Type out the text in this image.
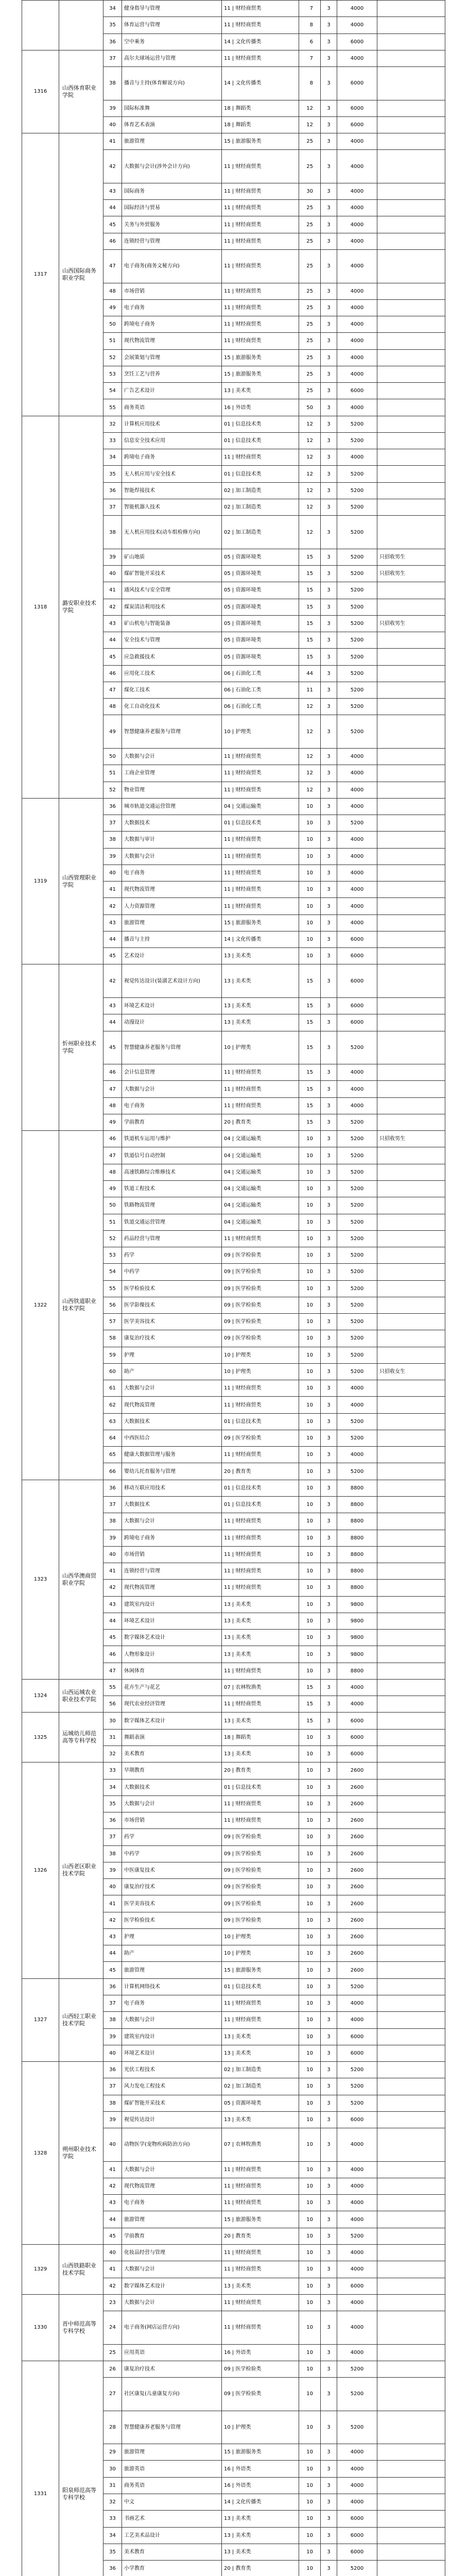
		34	健身指导与管理	11 | 财经商贸类	7	3	4000	
		35	体育运营与管理	11 | 财经商贸类	8	3	4000	
		36	空中乘务	14 | 文化传播类	6	3	6000	
1316	山西体育职业学院	37	高尔夫球场运营与管理	11 | 财经商贸类	7	3	4000	
		38	播音与主持(体育解说方向)	14 | 文化传播类	8	3	6000	
		39	国际标准舞	18 | 舞蹈类	12	3	6000	
		40	体育艺术表演	18 | 舞蹈类	12	3	6000	
1317	山西国际商务职业学院	41	旅游管理	15 | 旅游服务类	25	3	4000	
		42	大数据与会计(涉外会计方向)	11 | 财经商贸类	25	3	4000	
		43	国际商务	11 | 财经商贸类	30	3	4000	
		44	国际经济与贸易	11 | 财经商贸类	25	3	4000	
		45	关务与外贸服务	11 | 财经商贸类	25	3	4000	
		46	连锁经营与管理	11 | 财经商贸类	25	3	4000	
		47	电子商务(商务文秘方向)	11 | 财经商贸类	25	3	4000	
		48	市场营销	11 | 财经商贸类	25	3	4000	
		49	电子商务	11 | 财经商贸类	25	3	4000	
		50	跨境电子商务	11 | 财经商贸类	25	3	4000	
		51	现代物流管理	11 | 财经商贸类	25	3	4000	
		52	会展策划与管理	15 | 旅游服务类	25	3	4000	
		53	烹饪工艺与营养	15 | 旅游服务类	25	3	4000	
		54	广告艺术设计	13 | 美术类	25	3	6000	
		55	商务英语	16 | 外语类	50	3	4000	
1318	潞安职业技术学院	32	计算机应用技术	01 | 信息技术类	12	3	5200	
		33	信息安全技术应用	01 | 信息技术类	12	3	5200	
		34	跨境电子商务	11 | 财经商贸类	12	3	4000	
		35	无人机应用与安全技术	01 | 信息技术类	12	3	5200	
		36	智能焊接技术	02 | 加工制造类	12	3	5200	
		37	智能机器人技术	02 | 加工制造类	12	3	5200	
		38	无人机应用技术(动车组检修方向)	02 | 加工制造类	12	3	5200	
		39	矿山地质	05 | 资源环境类	15	3	5200	只招收男生
		40	煤矿智能开采技术	05 | 资源环境类	15	3	5200	只招收男生
		41	通风技术与安全管理	05 | 资源环境类	15	3	5200	
		42	煤炭清洁利用技术	05 | 资源环境类	15	3	5200	
		43	矿山机电与智能装备	05 | 资源环境类	15	3	5200	只招收男生
		44	安全技术与管理	05 | 资源环境类	15	3	5200	
		45	应急救援技术	05 | 资源环境类	15	3	5200	
		46	应用化工技术	06 | 石油化工类	44	3	5200	
		47	煤化工技术	06 | 石油化工类	11	3	5200	
		48	化工自动化技术	06 | 石油化工类	12	3	5200	
		49	智慧健康养老服务与管理	10 | 护理类	12	3	5200	
		50	大数据与会计	11 | 财经商贸类	12	3	4000	
		51	工商企业管理	11 | 财经商贸类	12	3	4000	
		52	物业管理	11 | 财经商贸类	12	3	4000	
1319	山西管理职业学院	36	城市轨道交通运营管理	04 | 交通运输类	10	3	4000	
		37	大数据技术	01 | 信息技术类	10	3	5200	
		38	大数据与审计	11 | 财经商贸类	10	3	4000	
		39	大数据与会计	11 | 财经商贸类	10	3	4000	
		40	电子商务	11 | 财经商贸类	10	3	4000	
		41	现代物流管理	11 | 财经商贸类	10	3	4000	
		42	人力资源管理	11 | 财经商贸类	10	3	4000	
		43	旅游管理	15 | 旅游服务类	10	3	4000	
		44	播音与主持	14 | 文化传播类	10	3	6000	
		45	艺术设计	13 | 美术类	10	3	6000	
	忻州职业技术学院	42	视觉传达设计(装潢艺术设计方向)	13 | 美术类	15	3	6000	
		43	环境艺术设计	13 | 美术类	15	3	6000	
		44	动漫设计	13 | 美术类	15	3	6000	
		45	智慧健康养老服务与管理	10 | 护理类	15	3	5200	
		46	会计信息管理	11 | 财经商贸类	15	3	4000	
		47	大数据与会计	11 | 财经商贸类	15	3	4000	
		48	电子商务	11 | 财经商贸类	15	3	4000	
		49	学前教育	20 | 教育类	15	3	5200	
1322	山西铁道职业技术学院	46	铁道机车运用与维护	04 | 交通运输类	10	3	5200	只招收男生
		47	铁道信号自动控制	04 | 交通运输类	10	3	5200	
		48	高速铁路综合维修技术	04 | 交通运输类	10	3	5200	
		49	铁道工程技术	04 | 交通运输类	10	3	5200	
		50	铁路物流管理	04 | 交通运输类	10	3	5200	
		51	铁道交通运营管理	04 | 交通运输类	10	3	5200	
		52	药品经营与管理	11 | 财经商贸类	10	3	5200	
		53	药学	09 | 医学检验类	10	3	5200	
		54	中药学	09 | 医学检验类	10	3	5200	
		55	医学检验技术	09 | 医学检验类	10	3	5200	
		56	医学影像技术	09 | 医学检验类	10	3	5200	
		57	医学美容技术	09 | 医学检验类	10	3	5200	
		58	康复治疗技术	09 | 医学检验类	10	3	5200	
		59	护理	10 | 护理类	10	3	5200	
		60	助产	10 | 护理类	10	3	5200	只招收女生
		61	大数据与会计	11 | 财经商贸类	10	3	4000	
		62	现代物流管理	11 | 财经商贸类	10	3	4000	
		63	大数据技术	01 | 信息技术类	10	3	5200	
		64	中西医结合	09 | 医学检验类	10	3	5200	
		65	健康大数据管理与服务	11 | 财经商贸类	10	3	4000	
		66	婴幼儿托育服务与管理	20 | 教育类	10	3	5200	
1323	山西华澳商贸职业学院	36	移动互联应用技术	01 | 信息技术类	10	3	8800	
		37	大数据技术	01 | 信息技术类	10	3	8800	
		38	大数据与会计	11 | 财经商贸类	10	3	8800	
		39	跨境电子商务	11 | 财经商贸类	10	3	8800	
		40	市场营销	11 | 财经商贸类	10	3	8800	
		41	连锁经营与管理	11 | 财经商贸类	10	3	8800	
		42	现代物流管理	11 | 财经商贸类	10	3	8800	
		43	建筑室内设计	13 | 美术类	10	3	9800	
		44	环境艺术设计	13 | 美术类	10	3	9800	
		45	数字媒体艺术设计	13 | 美术类	10	3	9800	
		46	人物形象设计	13 | 美术类	10	3	9800	
		47	休闲体育	11 | 财经商贸类	10	3	8800	
1324	山西运城农业职业技术学院	55	花卉生产与花艺	07 | 农林牧渔类	15	3	4000	
		56	现代农业经济管理	11 | 财经商贸类	15	3	4000	
1325	运城幼儿师范高等专科学校	30	数字媒体艺术设计	13 | 美术类	15	3	6000	
		31	舞蹈表演	18 | 舞蹈类	10	3	6000	
		32	美术教育	13 | 美术类	10	3	6000	
1326	山西老区职业技术学院	33	早期教育	20 | 教育类	10	3	2600	
		34	大数据技术	01 | 信息技术类	10	3	2600	
		35	大数据与会计	11 | 财经商贸类	10	3	2600	
		36	市场营销	11 | 财经商贸类	10	3	2600	
		37	药学	09 | 医学检验类	10	3	2600	
		38	中药学	09 | 医学检验类	10	3	2600	
		39	中医康复技术	09 | 医学检验类	10	3	2600	
		40	康复治疗技术	09 | 医学检验类	10	3	2600	
		41	医学美容技术	09 | 医学检验类	10	3	2600	
		42	医学检验技术	09 | 医学检验类	10	3	2600	
		43	护理	10 | 护理类	10	3	2600	
		44	助产	10 | 护理类	10	3	2600	
		45	旅游管理	15 | 旅游服务类	10	3	2600	
1327	山西轻工职业技术学院	36	计算机网络技术	01 | 信息技术类	10	3	5200	
		37	电子商务	11 | 财经商贸类	10	3	4000	
		38	大数据与会计	11 | 财经商贸类	10	3	4000	
		39	建筑室内设计	13 | 美术类	10	3	6000	
		40	环境艺术设计	13 | 美术类	10	3	6000	
1328	朔州职业技术学院	36	光伏工程技术	02 | 加工制造类	10	3	5200	
		37	风力发电工程技术	02 | 加工制造类	10	3	5200	
		38	煤矿智能开采技术	05 | 资源环境类	10	3	5200	
		39	视觉传达设计	13 | 美术类	10	3	6000	
		40	动物医学(宠物疾病防治方向)	07 | 农林牧渔类	10	3	4000	
		41	大数据与会计	11 | 财经商贸类	10	3	4000	
		42	现代物流管理	11 | 财经商贸类	10	3	4000	
		43	电子商务	11 | 财经商贸类	10	3	4000	
		44	旅游管理	15 | 旅游服务类	10	3	4000	
		45	学前教育	20 | 教育类	10	3	5200	
1329	山西铁路职业技术学院	40	化妆品经营与管理	11 | 财经商贸类	10	3	4000	
		41	大数据与会计	11 | 财经商贸类	10	3	4000	
		42	数字媒体艺术设计	13 | 美术类	10	3	6000	
1330	晋中师范高等专科学校	23	大数据与会计	11 | 财经商贸类	10	3	4000	
		24	电子商务(网店运营方向)	11 | 财经商贸类	10	3	4000	
		25	应用英语	16 | 外语类	10	3	4000	
1331	阳泉师范高等专科学校	26	康复治疗技术	09 | 医学检验类	10	3	5200	
		27	社区康复(儿童康复方向)	09 | 医学检验类	10	3	5200	
		28	智慧健康养老服务与管理	10 | 护理类	10	3	5200	
		29	旅游管理	15 | 旅游服务类	10	3	4000	
		30	旅游英语	16 | 外语类	10	3	4000	
		31	商务英语	16 | 外语类	10	3	4000	
		32	中文	14 | 文化传播类	10	3	4000	
		33	书画艺术	13 | 美术类	10	3	6000	
		34	工艺美术品设计	13 | 美术类	10	3	6000	
		35	美术教育	13 | 美术类	10	3	6000	
		36	小学教育	20 | 教育类	10	3	5200	
